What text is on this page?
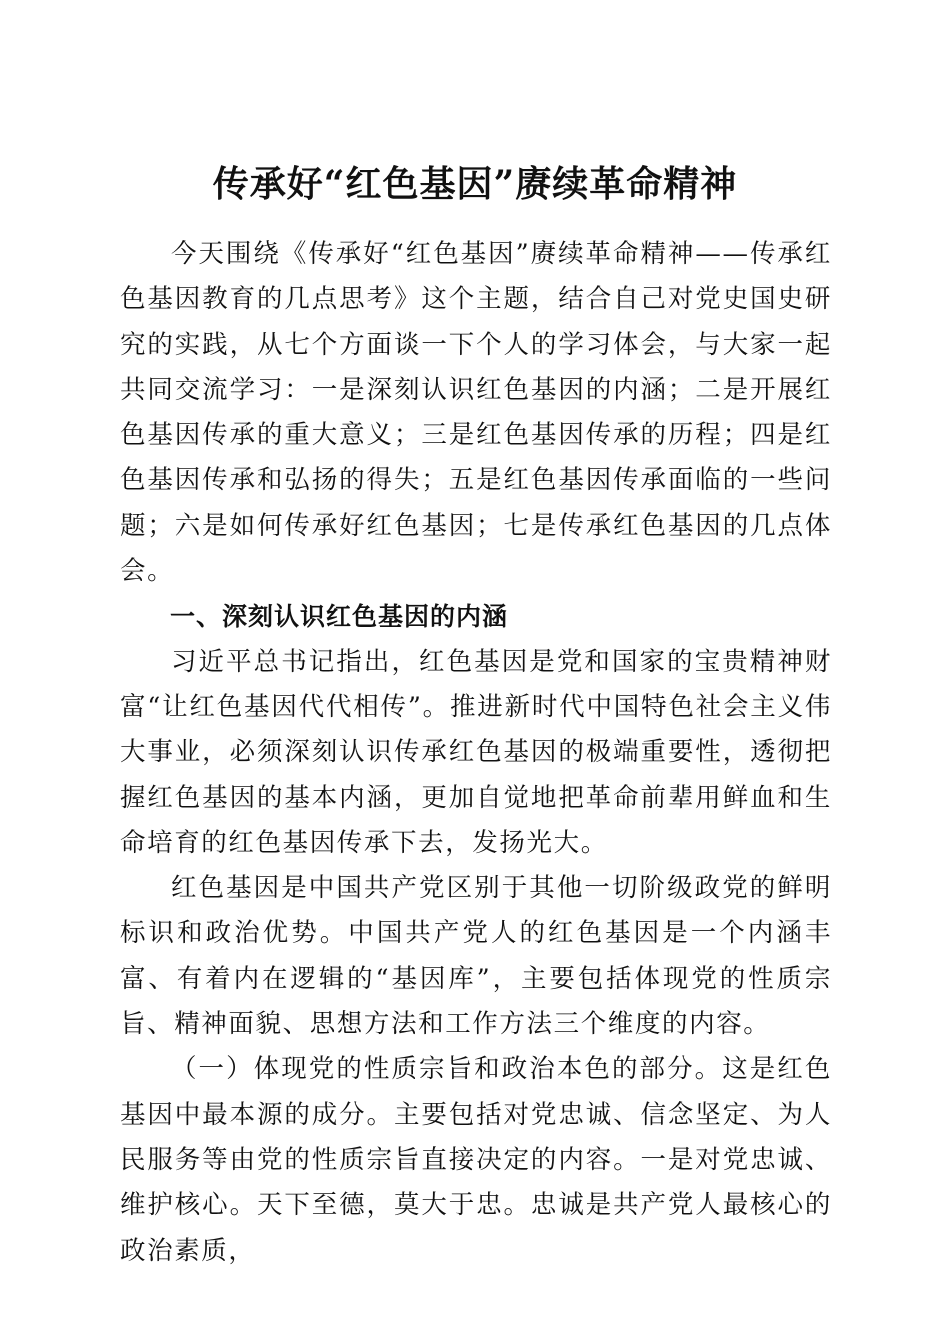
传承好“红色基因”赓续革命精神

今天围绕《传承好“红色基因”赓续革命精神——传承红色基因教育的几点思考》这个主题，结合自己对党史国史研究的实践，从七个方面谈一下个人的学习体会，与大家一起共同交流学习：一是深刻认识红色基因的内涵；二是开展红色基因传承的重大意义；三是红色基因传承的历程；四是红色基因传承和弘扬的得失；五是红色基因传承面临的一些问题；六是如何传承好红色基因；七是传承红色基因的几点体会。

一、深刻认识红色基因的内涵

习近平总书记指出，红色基因是党和国家的宝贵精神财富“让红色基因代代相传”。推进新时代中国特色社会主义伟大事业，必须深刻认识传承红色基因的极端重要性，透彻把握红色基因的基本内涵，更加自觉地把革命前辈用鲜血和生命培育的红色基因传承下去，发扬光大。

红色基因是中国共产党区别于其他一切阶级政党的鲜明标识和政治优势。中国共产党人的红色基因是一个内涵丰富、有着内在逻辑的“基因库”，主要包括体现党的性质宗旨、精神面貌、思想方法和工作方法三个维度的内容。

（一）体现党的性质宗旨和政治本色的部分。这是红色基因中最本源的成分。主要包括对党忠诚、信念坚定、为人民服务等由党的性质宗旨直接决定的内容。一是对党忠诚、维护核心。天下至德，莫大于忠。忠诚是共产党人最核心的政治素质，
